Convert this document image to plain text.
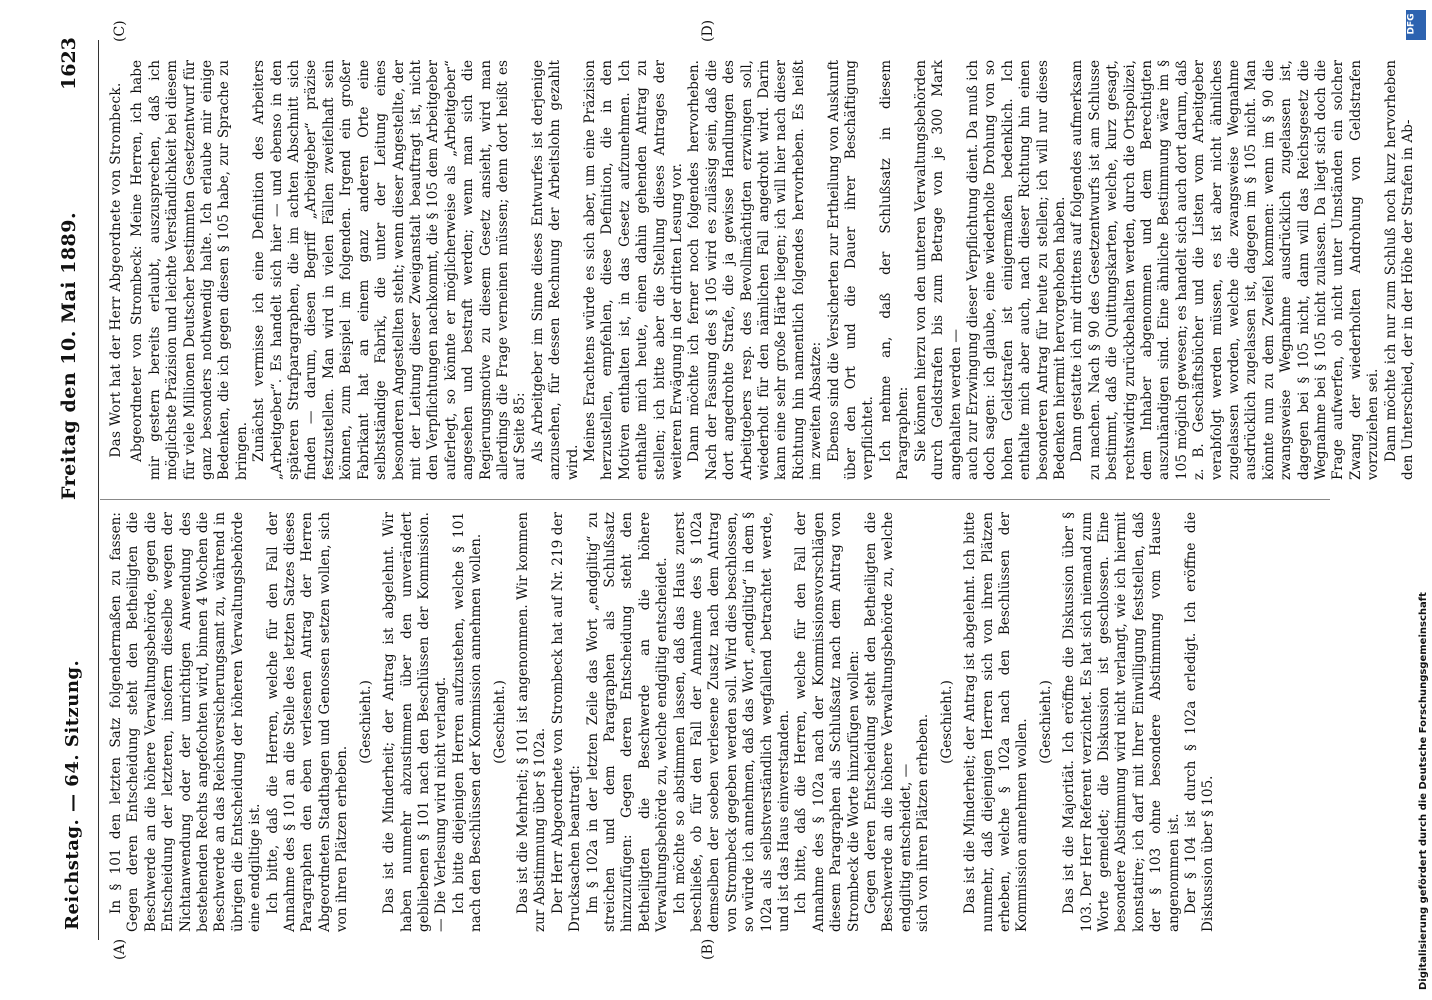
Reichstag. — 64. Sitzung.
Freitag den 10. Mai 1889.
1623
(A)	(B)
(C)	(D)

In § 101 den letzten Satz folgendermaßen zu fassen: Gegen deren Entscheidung steht den Betheiligten die Beschwerde an die höhere Verwaltungsbehörde, gegen die Entscheidung der letzteren, insofern dieselbe wegen der Nichtanwendung oder der unrichtigen Anwendung des bestehenden Rechts angefochten wird, binnen 4 Wochen die Beschwerde an das Reichsversicherungsamt zu, während in übrigen die Entscheidung der höheren Verwaltungsbehörde eine endgiltige ist. Ich bitte, daß die Herren, welche für den Fall der Annahme des § 101 an die Stelle des letzten Satzes dieses Paragraphen den eben verlesenen Antrag der Herren Abgeordneten Stadthagen und Genossen setzen wollen, sich von ihren Plätzen erheben.

(Geschieht.) Das ist die Minderheit; der Antrag ist abgelehnt. Wir haben nunmehr abzustimmen über den unverändert gebliebenen § 101 nach den Beschlüssen der Kommission. — Die Verlesung wird nicht verlangt. Ich bitte diejenigen Herren aufzustehen, welche § 101 nach den Beschlüssen der Kommission annehmen wollen. (Geschieht.) Das ist die Mehrheit; § 101 ist angenommen. Wir kommen zur Abstimmung über § 102a. Der Herr Abgeordnete von Strombeck hat auf Nr. 219 der Drucksachen beantragt: Im § 102a in der letzten Zeile das Wort „endgiltig“ zu streichen und dem Paragraphen als Schlußsatz hinzuzufügen: Gegen deren Entscheidung steht den Betheiligten die Beschwerde an die höhere Verwaltungsbehörde zu, welche endgiltig entscheidet. Ich möchte so abstimmen lassen, daß das Haus zuerst beschließe, ob für den Fall der Annahme des § 102a demselben der soeben verlesene Zusatz nach dem Antrag von Strombeck gegeben werden soll. Wird dies beschlossen, so würde ich annehmen, daß das Wort „endgiltig“ in dem § 102a als selbstverständlich wegfallend betrachtet werde, und ist das Haus einverstanden. Ich bitte, daß die Herren, welche für den Fall der Annahme des § 102a nach der Kommissionsvorschlägen diesem Paragraphen als Schlußsatz nach dem Antrag von Strombeck die Worte hinzufügen wollen: Gegen deren Entscheidung steht den Betheiligten die Beschwerde an die höhere Verwaltungsbehörde zu, welche endgiltig entscheidet, — sich von ihren Plätzen erheben. (Geschieht.) Das ist die Minderheit; der Antrag ist abgelehnt. Ich bitte nunmehr, daß diejenigen Herren sich von ihren Plätzen erheben, welche § 102a nach den Beschlüssen der Kommission annehmen wollen. (Geschieht.) Das ist die Majorität. Ich eröffne die Diskussion über § 103. Der Herr Referent verzichtet. Es hat sich niemand zum Worte gemeldet; die Diskussion ist geschlossen. Eine besondere Abstimmung wird nicht verlangt, wie ich hiermit konstatire; ich darf mit Ihrer Einwilligung feststellen, daß der § 103 ohne besondere Abstimmung vom Hause angenommen ist. Der § 104 ist durch § 102a erledigt. Ich eröffne die Diskussion über § 105.

Das Wort hat der Herr Abgeordnete von Strombeck. Abgeordneter von Strombeck: Meine Herren, ich habe mir gestern bereits erlaubt, auszusprechen, daß ich möglichste Präzision und leichte Verständlichkeit bei diesem für viele Millionen Deutscher bestimmten Gesetzentwurf für ganz besonders nothwendig halte. Ich erlaube mir einige Bedenken, die ich gegen diesen § 105 habe, zur Sprache zu bringen. Zunächst vermisse ich eine Definition des Arbeiters „Arbeitgeber“. Es handelt sich hier — und ebenso in den späteren Strafparagraphen, die im achten Abschnitt sich finden — darum, diesen Begriff „Arbeitgeber“ präzise festzustellen. Man wird in vielen Fällen zweifelhaft sein können, zum Beispiel im folgenden. Irgend ein großer Fabrikant hat an einem ganz anderen Orte eine selbstständige Fabrik, die unter der Leitung eines besonderen Angestellten steht; wenn dieser Angestellte, der mit der Leitung dieser Zweiganstalt beauftragt ist, nicht den Verpflichtungen nachkommt, die § 105 dem Arbeitgeber auferlegt, so könnte er möglicherweise als „Arbeitgeber“ angesehen und bestraft werden; wenn man sich die Regierungsmotive zu diesem Gesetz ansieht, wird man allerdings die Frage verneinen müssen; denn dort heißt es auf Seite 85: Als Arbeitgeber im Sinne dieses Entwurfes ist derjenige anzusehen, für dessen Rechnung der Arbeitslohn gezahlt wird.

Meines Erachtens würde es sich aber, um eine Präzision herzustellen, empfehlen, diese Definition, die in den Motiven enthalten ist, in das Gesetz aufzunehmen. Ich enthalte mich heute, einen dahin gehenden Antrag zu stellen; ich bitte aber die Stellung dieses Antrages der weiteren Erwägung in der dritten Lesung vor. Dann möchte ich ferner noch folgendes hervorheben. Nach der Fassung des § 105 wird es zulässig sein, daß die dort angedrohte Strafe, die ja gewisse Handlungen des Arbeitgebers resp. des Bevollmächtigten erzwingen soll, wiederholt für den nämlichen Fall angedroht wird. Darin kann eine sehr große Härte liegen; ich will hier nach dieser Richtung hin namentlich folgendes hervorheben. Es heißt im zweiten Absatze: Ebenso sind die Versicherten zur Ertheilung von Auskunft über den Ort und die Dauer ihrer Beschäftigung verpflichtet. Ich nehme an, daß der Schlußsatz in diesem Paragraphen: Sie können hierzu von den unteren Verwaltungsbehörden durch Geldstrafen bis zum Betrage von je 300 Mark angehalten werden — auch zur Erzwingung dieser Verpflichtung dient. Da muß ich doch sagen: ich glaube, eine wiederholte Drohung von so hohen Geldstrafen ist einigermaßen bedenklich. Ich enthalte mich aber auch, nach dieser Richtung hin einen besonderen Antrag für heute zu stellen; ich will nur dieses Bedenken hiermit hervorgehoben haben. Dann gestatte ich mir drittens auf folgendes aufmerksam zu machen. Nach § 90 des Gesetzentwurfs ist am Schlusse bestimmt, daß die Quittungskarten, welche, kurz gesagt, rechtswidrig zurückbehalten werden, durch die Ortspolizei, dem Inhaber abgenommen und dem Berechtigten auszuhändigen sind. Eine ähnliche Bestimmung wäre im § 105 möglich gewesen; es handelt sich auch dort darum, daß z. B. Geschäftsbücher und die Listen vom Arbeitgeber verabfolgt werden müssen, es ist aber nicht ähnliches zugelassen worden, welche die zwangsweise Wegnahme ausdrücklich zugelassen ist, dagegen im § 105 nicht. Man könnte nun zu dem Zweifel kommen: wenn im § 90 die zwangsweise Wegnahme ausdrücklich zugelassen ist, dagegen bei § 105 nicht, dann will das Reichsgesetz die Wegnahme bei § 105 nicht zulassen. Da liegt sich doch die Frage aufwerfen, ob nicht unter Umständen ein solcher Zwang der wiederholten Androhung von Geldstrafen vorzuziehen sei. Dann möchte ich nur zum Schluß noch kurz hervorheben den Unterschied, der in der Höhe der Strafen in Ab-

DFG
Digitalisierung gefördert durch die Deutsche Forschungsgemeinschaft
